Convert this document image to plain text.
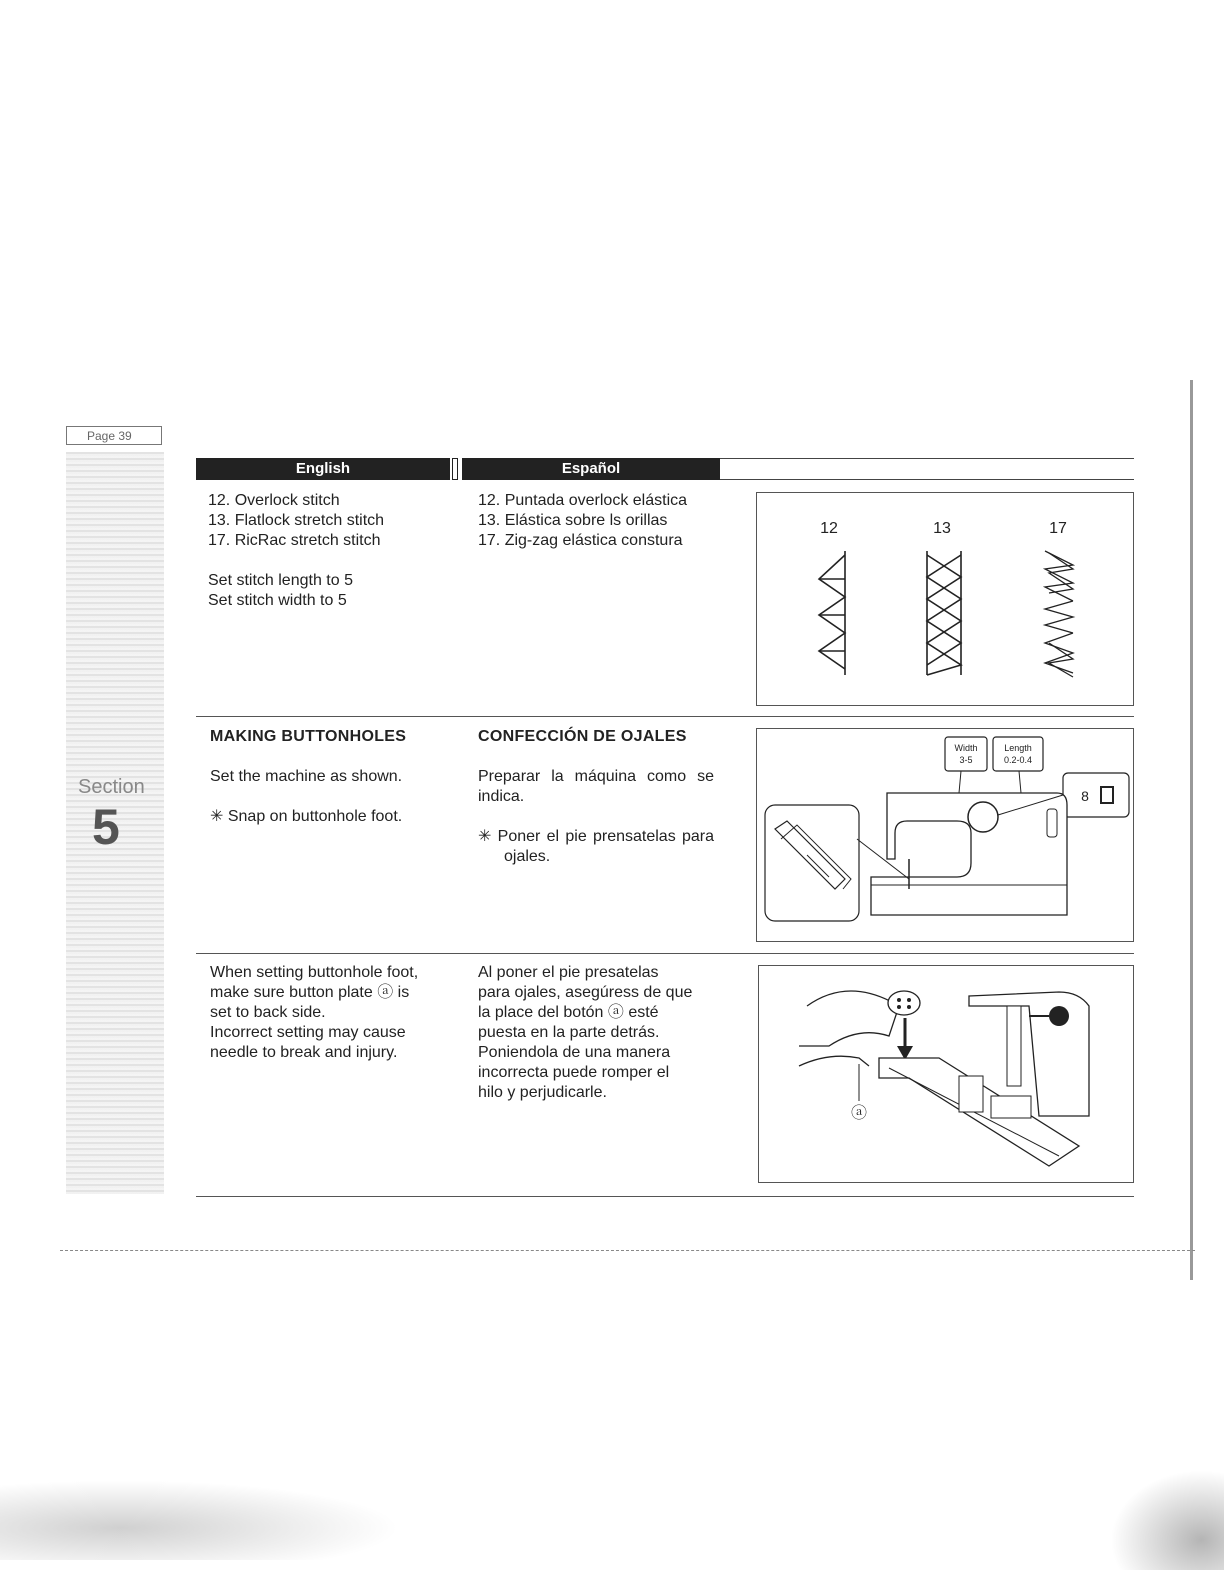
Page 39
Section
5
English	Español
12. Overlock stitch
13. Flatlock stretch stitch
17. RicRac stretch stitch
Set stitch length to 5
Set stitch width to 5
12. Puntada overlock elástica
13. Elástica sobre ls orillas
17. Zig-zag elástica constura
12	13	17
MAKING BUTTONHOLES
Set the machine as shown.
✳ Snap on buttonhole foot.
CONFECCIÓN DE OJALES
Preparar la máquina como se indica.
✳ Poner el pie prensatelas para ojales.
Width
3-5
Length
0.2-0.4
8
When setting buttonhole foot,
make sure button plate ⓐ is
set to back side.
Incorrect setting may cause
needle to break and injury.
Al poner el pie presatelas
para ojales, asegúress de que
la place del botón ⓐ esté
puesta en la parte detrás.
Poniendola de una manera
incorrecta puede romper el
hilo y perjudicarle.
ⓐ
